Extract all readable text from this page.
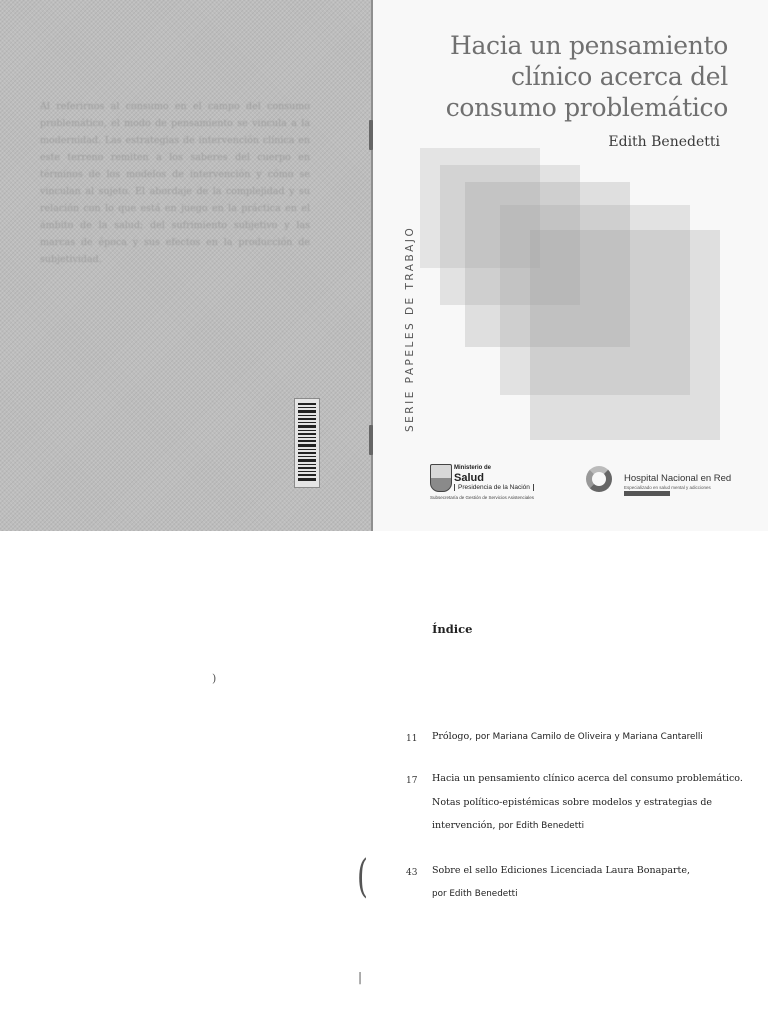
Al referirnos al consumo en el campo del consumo problemático, el modo de pensamiento se vincula a la modernidad. Las estrategias de intervención clínica en este terreno remiten a los saberes del cuerpo en términos de los modelos de intervención y cómo se vinculan al sujeto. El abordaje de la complejidad y su relación con lo que está en juego en la práctica en el ámbito de la salud; del sufrimiento subjetivo y las marcas de época y sus efectos en la producción de subjetividad.
Hacia un pensamiento
clínico acerca del
consumo problemático
Edith Benedetti
SERIE PAPELES DE TRABAJO
Ministerio de
Salud
Presidencia de la Nación
Subsecretaría de Gestión de Servicios Asistenciales
Hospital Nacional en Red
Especializado en salud mental y adicciones
Índice
11 Prólogo, por Mariana Camilo de Oliveira y Mariana Cantarelli
17 Hacia un pensamiento clínico acerca del consumo problemático.
Notas político-epistémicas sobre modelos y estrategias de
intervención, por Edith Benedetti
43 Sobre el sello Ediciones Licenciada Laura Bonaparte,
por Edith Benedetti
)
(
|
